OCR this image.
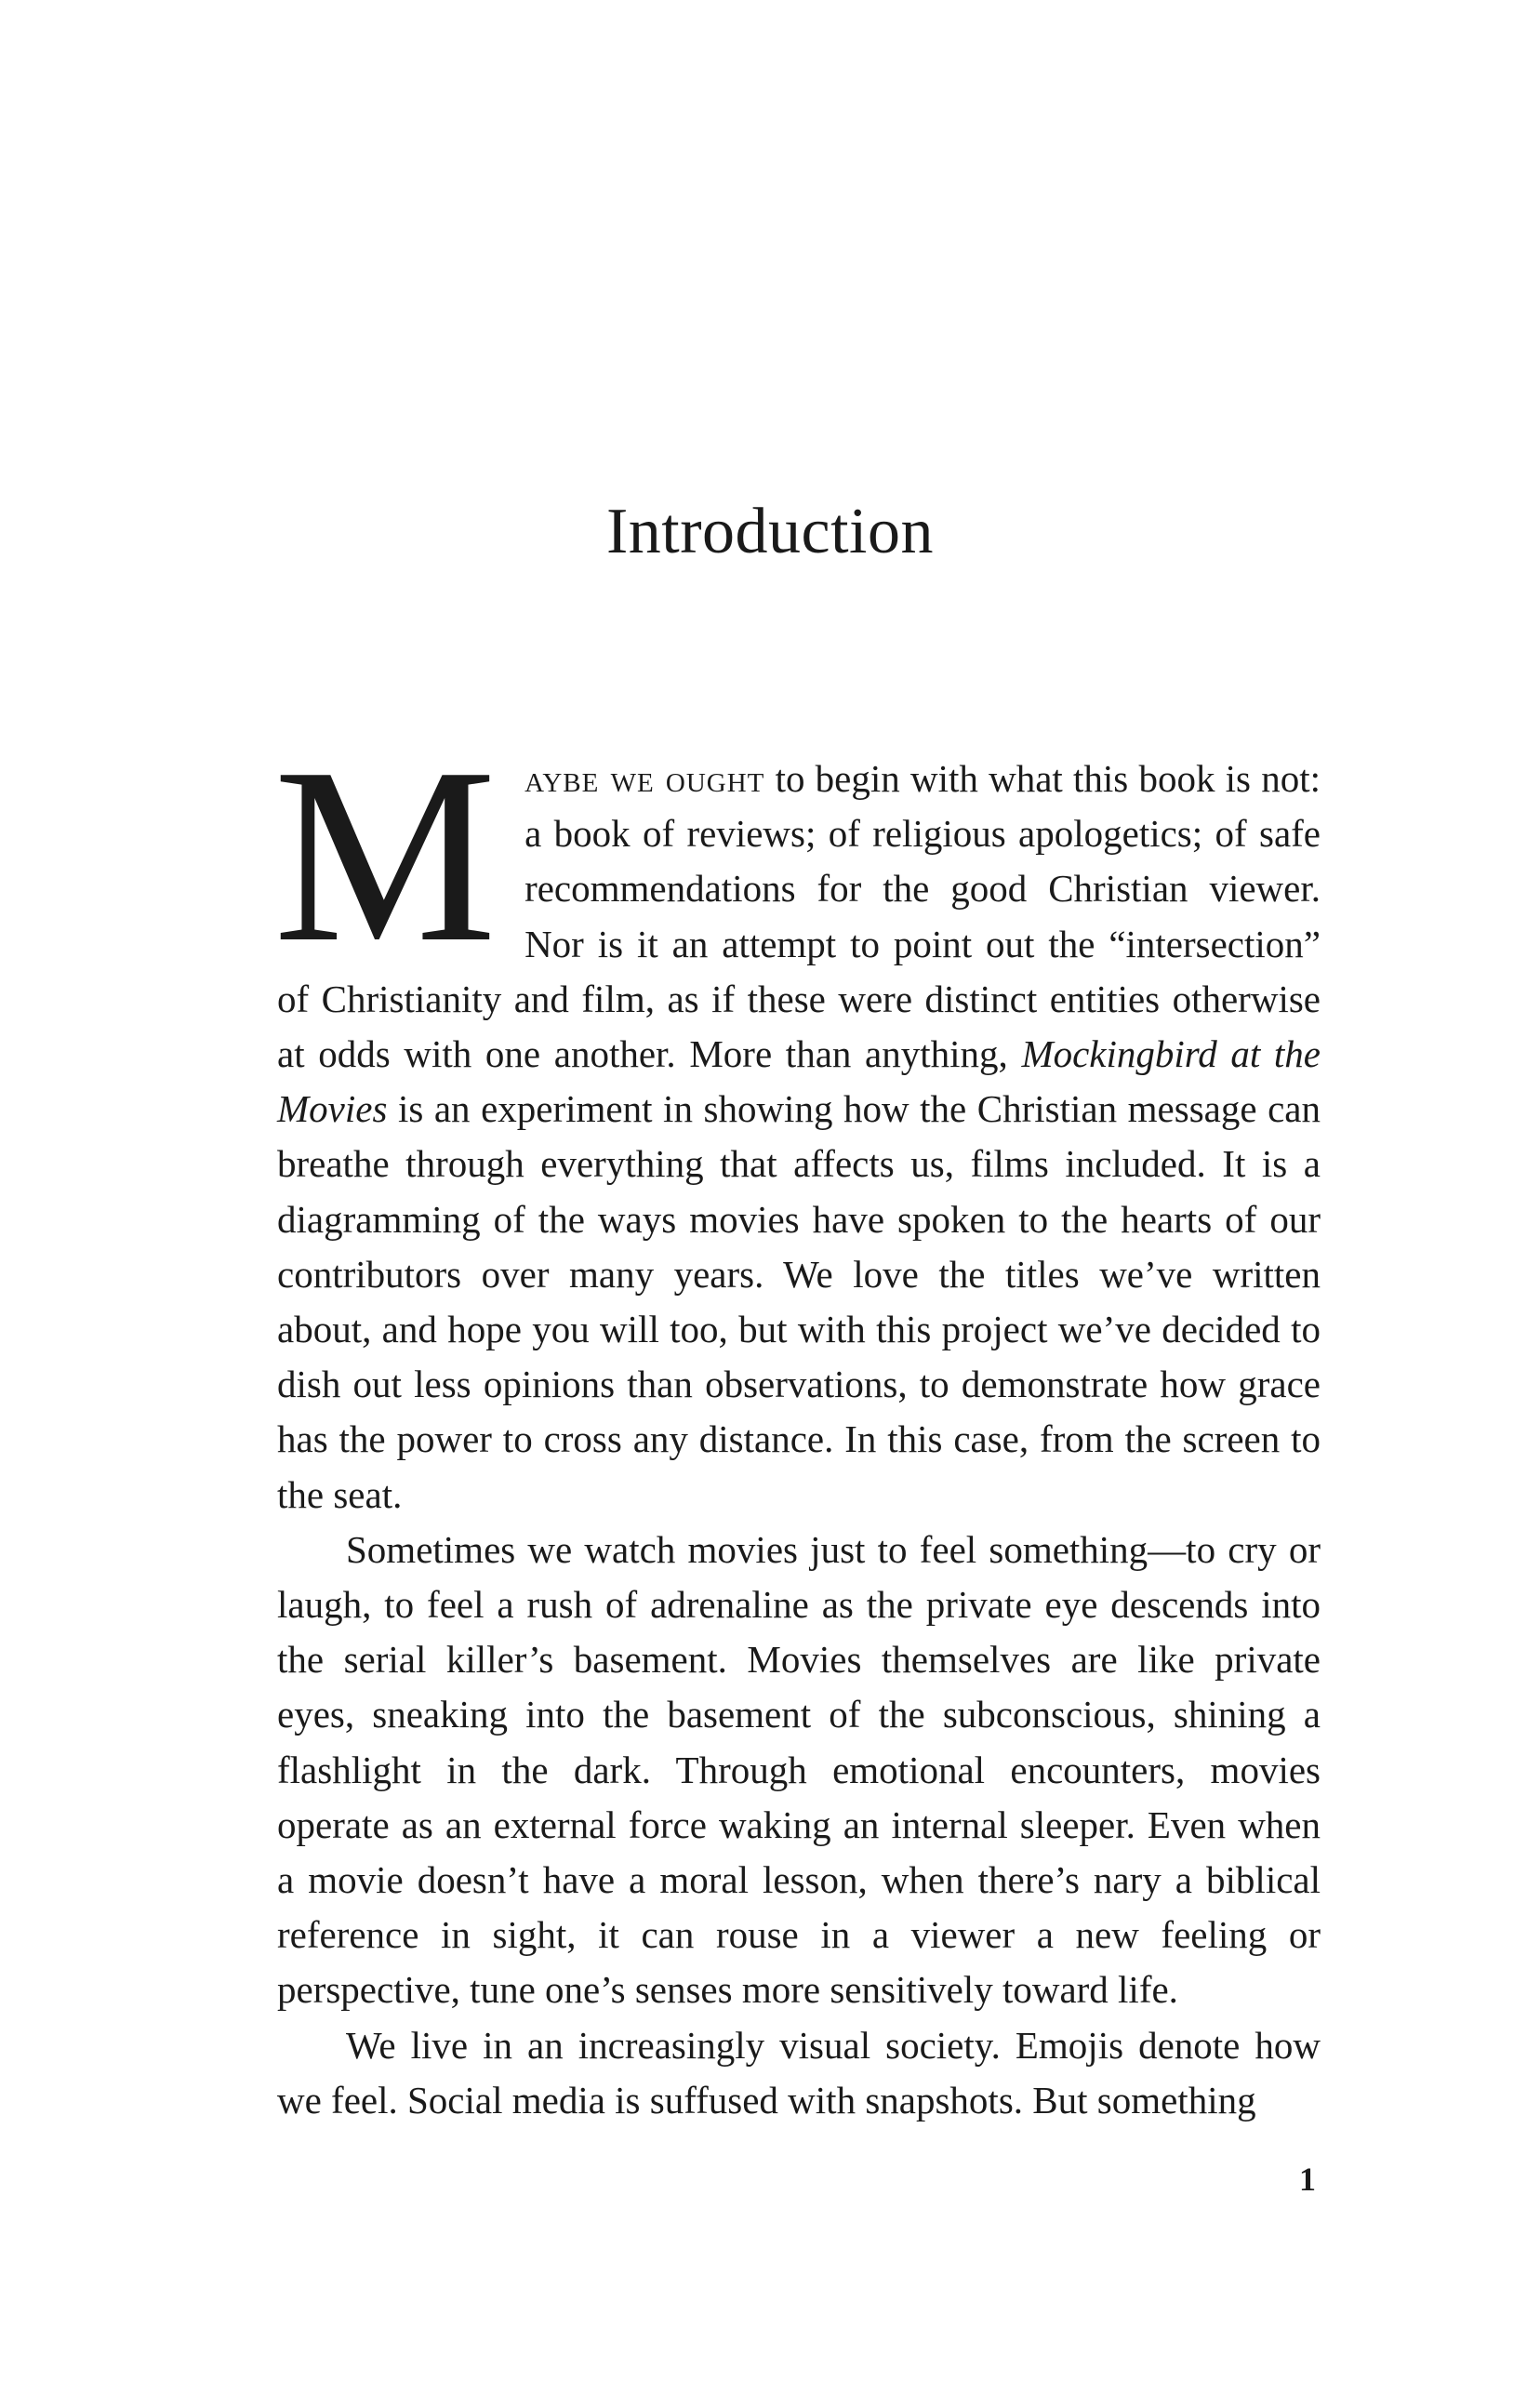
Introduction

Maybe we ought to begin with what this book is not: a book of reviews; of religious apologetics; of safe recommendations for the good Christian viewer. Nor is it an attempt to point out the “intersection” of Christianity and film, as if these were distinct entities otherwise at odds with one another. More than anything, Mockingbird at the Movies is an experiment in showing how the Christian message can breathe through everything that affects us, films included. It is a diagramming of the ways movies have spoken to the hearts of our contributors over many years. We love the titles we’ve written about, and hope you will too, but with this project we’ve decided to dish out less opinions than observations, to demonstrate how grace has the power to cross any distance. In this case, from the screen to the seat.

Sometimes we watch movies just to feel something—to cry or laugh, to feel a rush of adrenaline as the private eye descends into the serial killer’s basement. Movies themselves are like private eyes, sneaking into the basement of the subconscious, shining a flashlight in the dark. Through emotional encounters, movies operate as an external force waking an internal sleeper. Even when a movie doesn’t have a moral lesson, when there’s nary a biblical reference in sight, it can rouse in a viewer a new feeling or perspective, tune one’s senses more sensitively toward life.

We live in an increasingly visual society. Emojis denote how we feel. Social media is suffused with snapshots. But something

1
